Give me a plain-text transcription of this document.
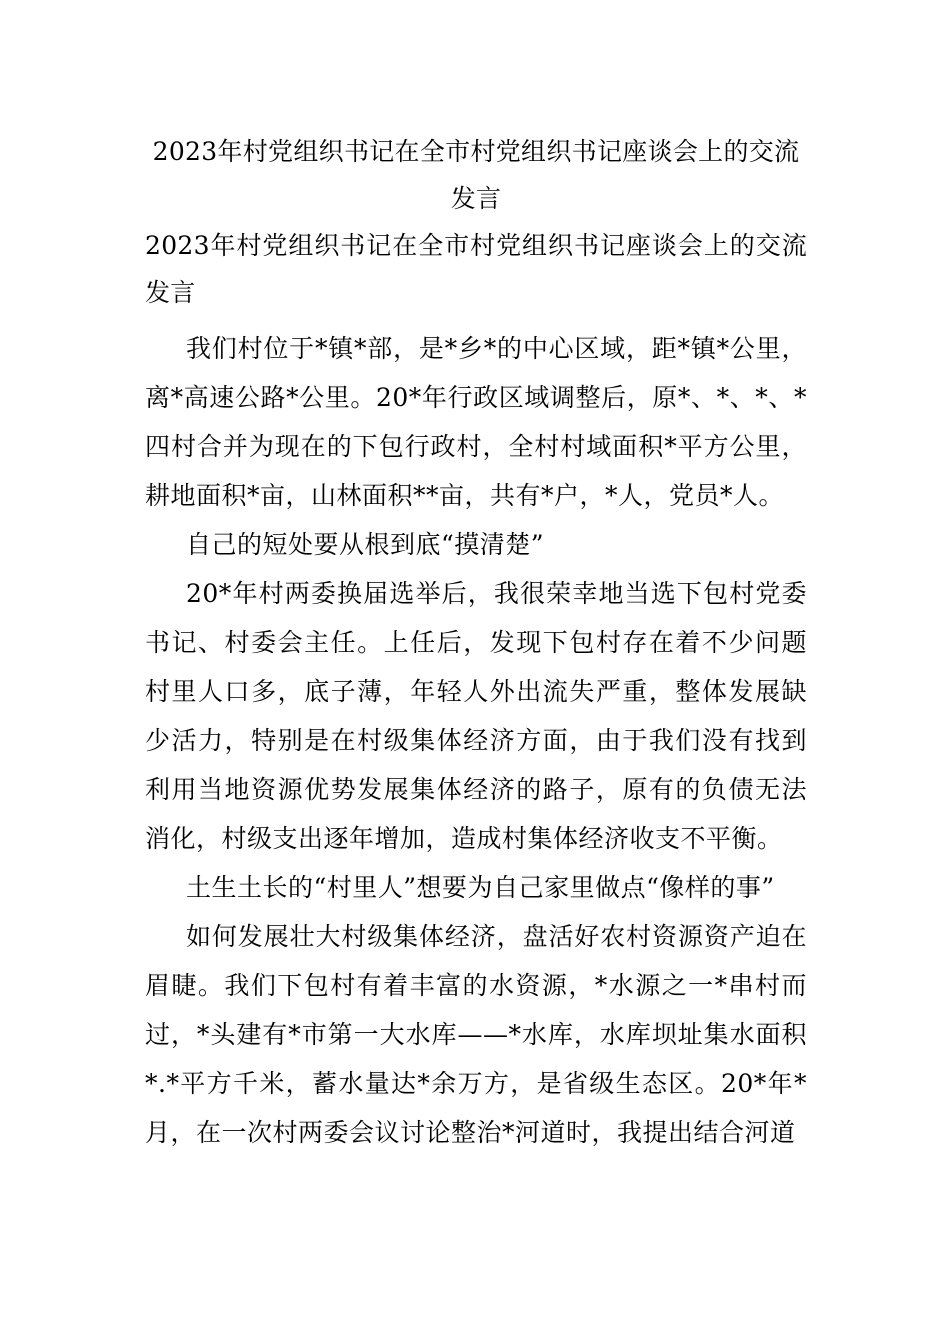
2023年村党组织书记在全市村党组织书记座谈会上的交流发言
2023年村党组织书记在全市村党组织书记座谈会上的交流发言

我们村位于*镇*部，是*乡*的中心区域，距*镇*公里，离*高速公路*公里。20*年行政区域调整后，原*、*、*、*四村合并为现在的下包行政村，全村村域面积*平方公里，耕地面积*亩，山林面积**亩，共有*户，*人，党员*人。

自己的短处要从根到底“摸清楚”

20*年村两委换届选举后，我很荣幸地当选下包村党委书记、村委会主任。上任后，发现下包村存在着不少问题村里人口多，底子薄，年轻人外出流失严重，整体发展缺少活力，特别是在村级集体经济方面，由于我们没有找到利用当地资源优势发展集体经济的路子，原有的负债无法消化，村级支出逐年增加，造成村集体经济收支不平衡。

土生土长的“村里人”想要为自己家里做点“像样的事”

如何发展壮大村级集体经济，盘活好农村资源资产迫在眉睫。我们下包村有着丰富的水资源，*水源之一*串村而过，*头建有*市第一大水库——*水库，水库坝址集水面积*.*平方千米，蓄水量达*余万方，是省级生态区。20*年*月，在一次村两委会议讨论整治*河道时，我提出结合河道
